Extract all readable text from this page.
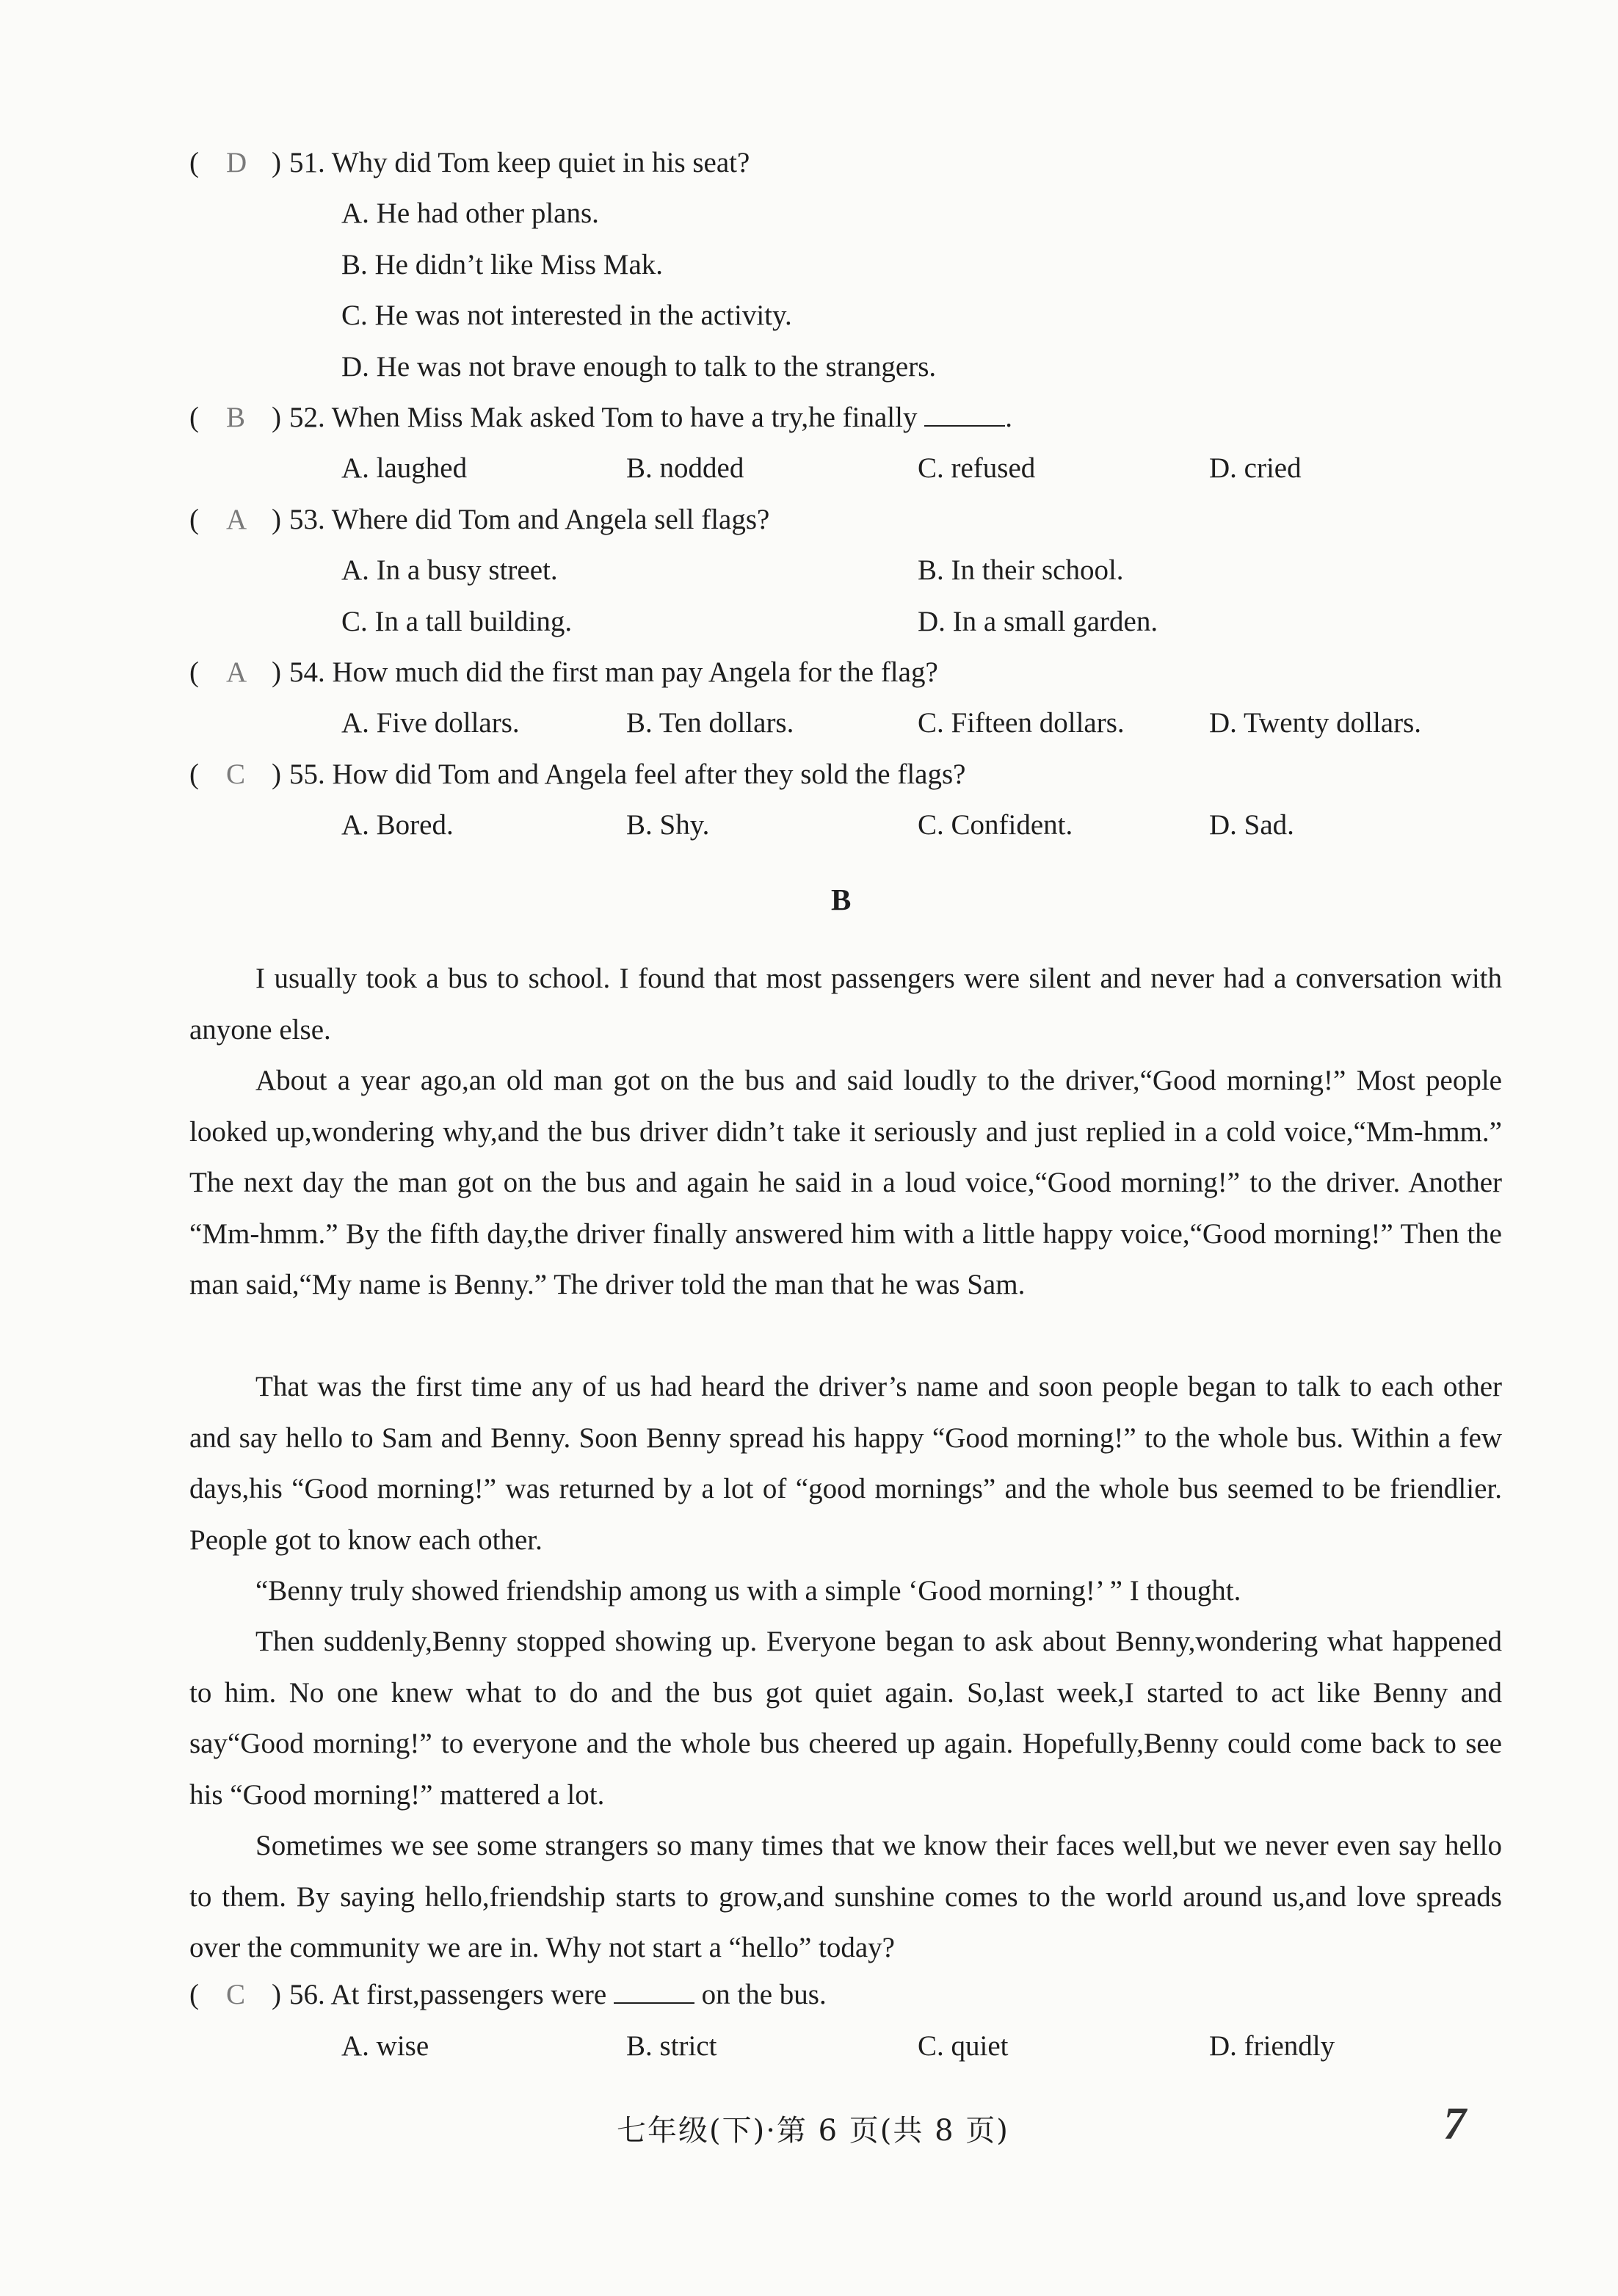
( D ) 51. Why did Tom keep quiet in his seat?
A. He had other plans.
B. He didn’t like Miss Mak.
C. He was not interested in the activity.
D. He was not brave enough to talk to the strangers.
( B ) 52. When Miss Mak asked Tom to have a try,he finally	.
A. laughed	B. nodded	C. refused	D. cried
( A ) 53. Where did Tom and Angela sell flags?
A. In a busy street.	B. In their school.
C. In a tall building.	D. In a small garden.
( A ) 54. How much did the first man pay Angela for the flag?
A. Five dollars.	B. Ten dollars.	C. Fifteen dollars.	D. Twenty dollars.
( C ) 55. How did Tom and Angela feel after they sold the flags?
A. Bored.	B. Shy.	C. Confident.	D. Sad.
B

I usually took a bus to school. I found that most passengers were silent and never had a conversation with anyone else.

About a year ago,an old man got on the bus and said loudly to the driver,“Good morning!” Most people looked up,wondering why,and the bus driver didn’t take it seriously and just replied in a cold voice,“Mm-hmm.” The next day the man got on the bus and again he said in a loud voice,“Good morning!” to the driver. Another “Mm-hmm.” By the fifth day,the driver finally answered him with a little happy voice,“Good morning!” Then the man said,“My name is Benny.” The driver told the man that he was Sam.

That was the first time any of us had heard the driver’s name and soon people began to talk to each other and say hello to Sam and Benny. Soon Benny spread his happy “Good morning!” to the whole bus. Within a few days,his “Good morning!” was returned by a lot of “good mornings” and the whole bus seemed to be friendlier. People got to know each other.

“Benny truly showed friendship among us with a simple ‘Good morning!’ ” I thought.

Then suddenly,Benny stopped showing up. Everyone began to ask about Benny,wondering what happened to him. No one knew what to do and the bus got quiet again. So,last week,I started to act like Benny and say“Good morning!” to everyone and the whole bus cheered up again. Hopefully,Benny could come back to see his “Good morning!” mattered a lot.

Sometimes we see some strangers so many times that we know their faces well,but we never even say hello to them. By saying hello,friendship starts to grow,and sunshine comes to the world around us,and love spreads over the community we are in. Why not start a “hello” today?

( C ) 56. At first,passengers were	on the bus.
A. wise	B. strict	C. quiet	D. friendly
七年级(下)·第 6 页(共 8 页)	7
